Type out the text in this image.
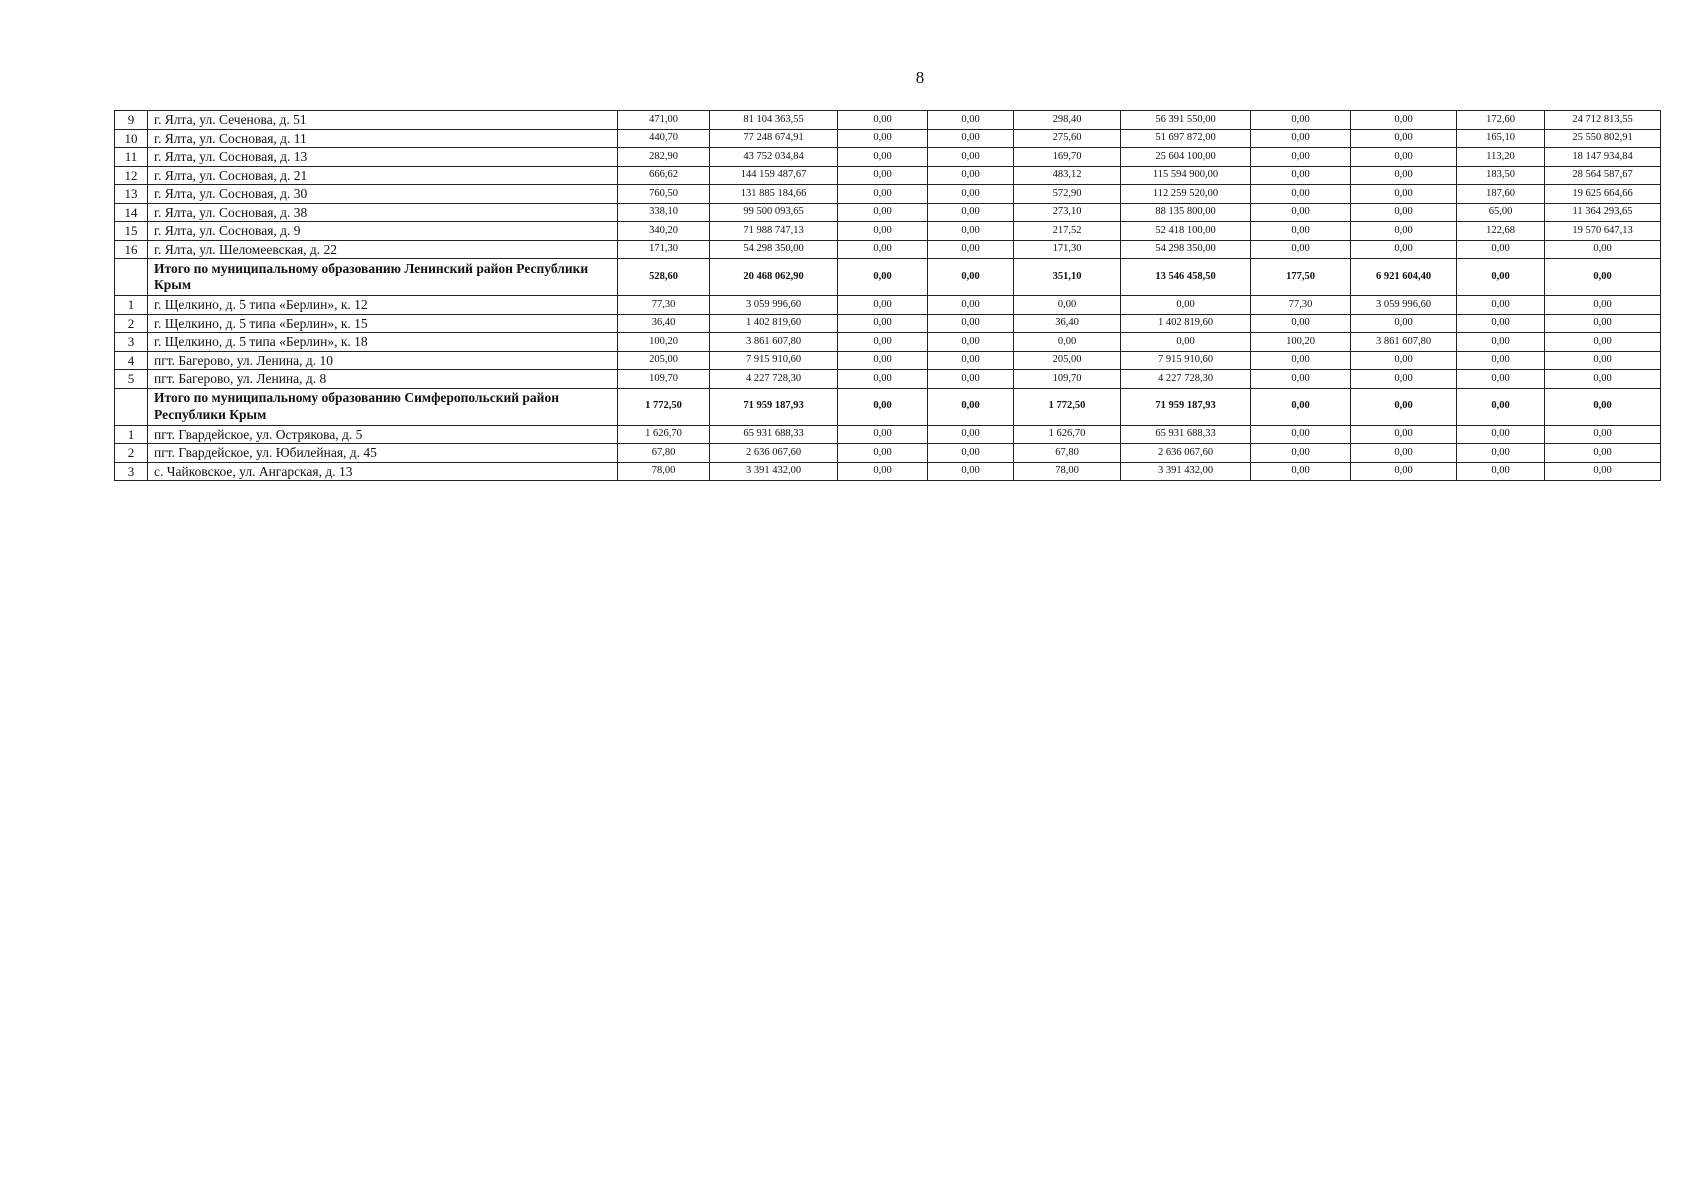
8
9	г. Ялта, ул. Сеченова, д. 51	471,00	81 104 363,55	0,00	0,00	298,40	56 391 550,00	0,00	0,00	172,60	24 712 813,55
10	г. Ялта, ул. Сосновая, д. 11	440,70	77 248 674,91	0,00	0,00	275,60	51 697 872,00	0,00	0,00	165,10	25 550 802,91
11	г. Ялта, ул. Сосновая, д. 13	282,90	43 752 034,84	0,00	0,00	169,70	25 604 100,00	0,00	0,00	113,20	18 147 934,84
12	г. Ялта, ул. Сосновая, д. 21	666,62	144 159 487,67	0,00	0,00	483,12	115 594 900,00	0,00	0,00	183,50	28 564 587,67
13	г. Ялта, ул. Сосновая, д. 30	760,50	131 885 184,66	0,00	0,00	572,90	112 259 520,00	0,00	0,00	187,60	19 625 664,66
14	г. Ялта, ул. Сосновая, д. 38	338,10	99 500 093,65	0,00	0,00	273,10	88 135 800,00	0,00	0,00	65,00	11 364 293,65
15	г. Ялта, ул. Сосновая, д. 9	340,20	71 988 747,13	0,00	0,00	217,52	52 418 100,00	0,00	0,00	122,68	19 570 647,13
16	г. Ялта, ул. Шеломеевская, д. 22	171,30	54 298 350,00	0,00	0,00	171,30	54 298 350,00	0,00	0,00	0,00	0,00
	Итого по муниципальному образованию Ленинский район Республики Крым	528,60	20 468 062,90	0,00	0,00	351,10	13 546 458,50	177,50	6 921 604,40	0,00	0,00
1	г. Щелкино, д. 5 типа «Берлин», к. 12	77,30	3 059 996,60	0,00	0,00	0,00	0,00	77,30	3 059 996,60	0,00	0,00
2	г. Щелкино, д. 5 типа «Берлин», к. 15	36,40	1 402 819,60	0,00	0,00	36,40	1 402 819,60	0,00	0,00	0,00	0,00
3	г. Щелкино, д. 5 типа «Берлин», к. 18	100,20	3 861 607,80	0,00	0,00	0,00	0,00	100,20	3 861 607,80	0,00	0,00
4	пгт. Багерово, ул. Ленина, д. 10	205,00	7 915 910,60	0,00	0,00	205,00	7 915 910,60	0,00	0,00	0,00	0,00
5	пгт. Багерово, ул. Ленина, д. 8	109,70	4 227 728,30	0,00	0,00	109,70	4 227 728,30	0,00	0,00	0,00	0,00
	Итого по муниципальному образованию Симферопольский район Республики Крым	1 772,50	71 959 187,93	0,00	0,00	1 772,50	71 959 187,93	0,00	0,00	0,00	0,00
1	пгт. Гвардейское, ул. Острякова, д. 5	1 626,70	65 931 688,33	0,00	0,00	1 626,70	65 931 688,33	0,00	0,00	0,00	0,00
2	пгт. Гвардейское, ул. Юбилейная, д. 45	67,80	2 636 067,60	0,00	0,00	67,80	2 636 067,60	0,00	0,00	0,00	0,00
3	с. Чайковское, ул. Ангарская, д. 13	78,00	3 391 432,00	0,00	0,00	78,00	3 391 432,00	0,00	0,00	0,00	0,00
